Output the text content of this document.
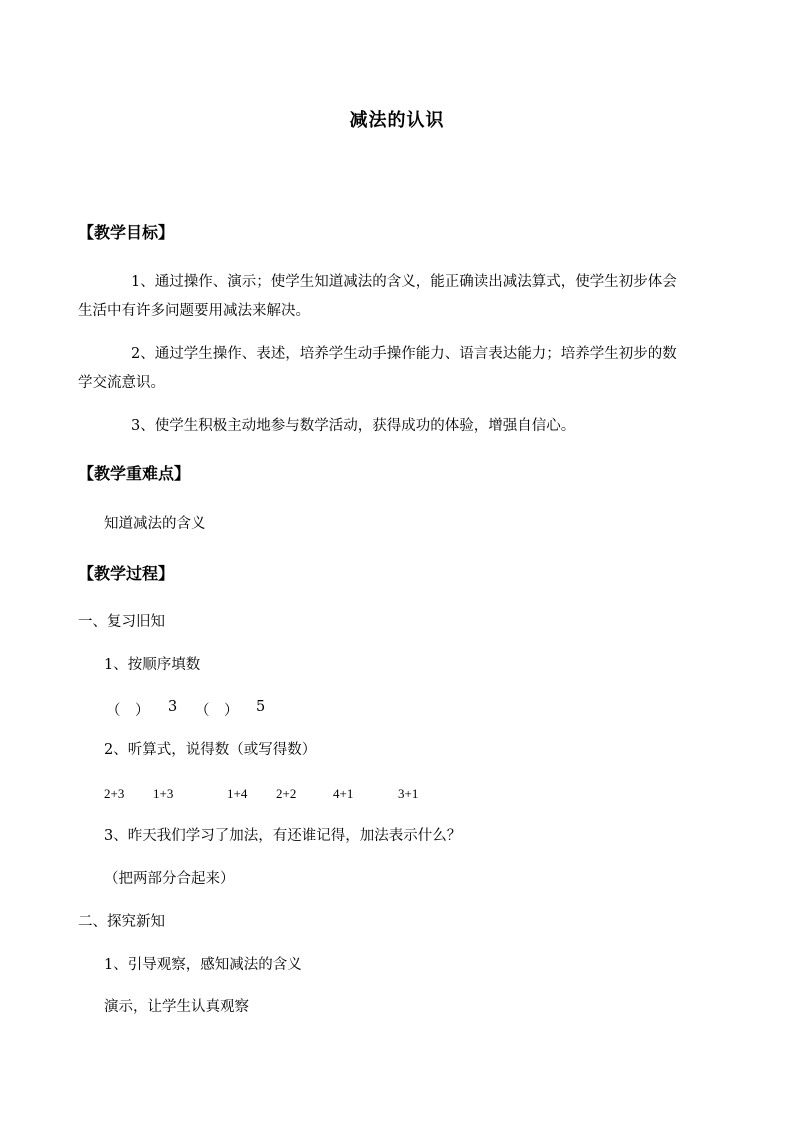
减法的认识
【教学目标】
1、通过操作、演示；使学生知道减法的含义，能正确读出减法算式，使学生初步体会
生活中有许多问题要用减法来解决。
2、通过学生操作、表述，培养学生动手操作能力、语言表达能力；培养学生初步的数
学交流意识。
3、使学生积极主动地参与数学活动，获得成功的体验，增强自信心。
【教学重难点】
知道减法的含义
【教学过程】
一、复习旧知
1、按顺序填数
（　） 3 （　） 5
2、听算式，说得数（或写得数）
2+3 1+3	1+4 2+2	4+1	3+1
3、昨天我们学习了加法，有还谁记得，加法表示什么？
（把两部分合起来）
二、探究新知
1、引导观察，感知减法的含义
演示，让学生认真观察
